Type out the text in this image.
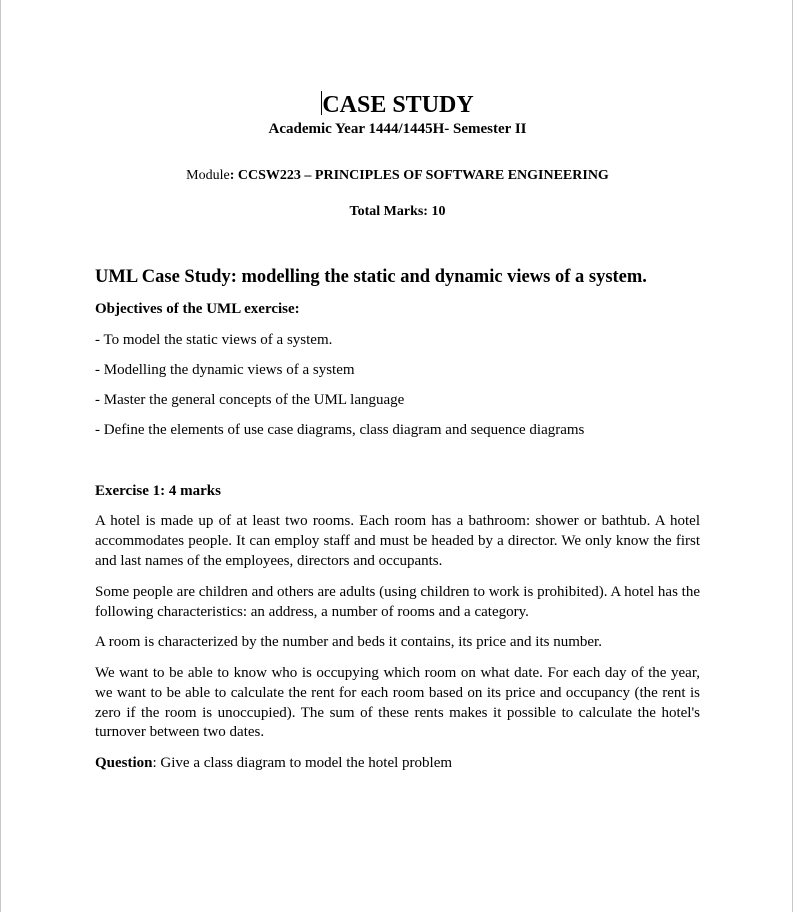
CASE STUDY
Academic Year 1444/1445H- Semester II
Module: CCSW223 – PRINCIPLES OF SOFTWARE ENGINEERING
Total Marks: 10
UML Case Study: modelling the static and dynamic views of a system.
Objectives of the UML exercise:
- To model the static views of a system.
- Modelling the dynamic views of a system
- Master the general concepts of the UML language
- Define the elements of use case diagrams, class diagram and sequence diagrams
Exercise 1: 4 marks
A hotel is made up of at least two rooms. Each room has a bathroom: shower or bathtub. A hotel accommodates people. It can employ staff and must be headed by a director. We only know the first and last names of the employees, directors and occupants.
Some people are children and others are adults (using children to work is prohibited). A hotel has the following characteristics: an address, a number of rooms and a category.
A room is characterized by the number and beds it contains, its price and its number.
We want to be able to know who is occupying which room on what date. For each day of the year, we want to be able to calculate the rent for each room based on its price and occupancy (the rent is zero if the room is unoccupied). The sum of these rents makes it possible to calculate the hotel's turnover between two dates.
Question: Give a class diagram to model the hotel problem
